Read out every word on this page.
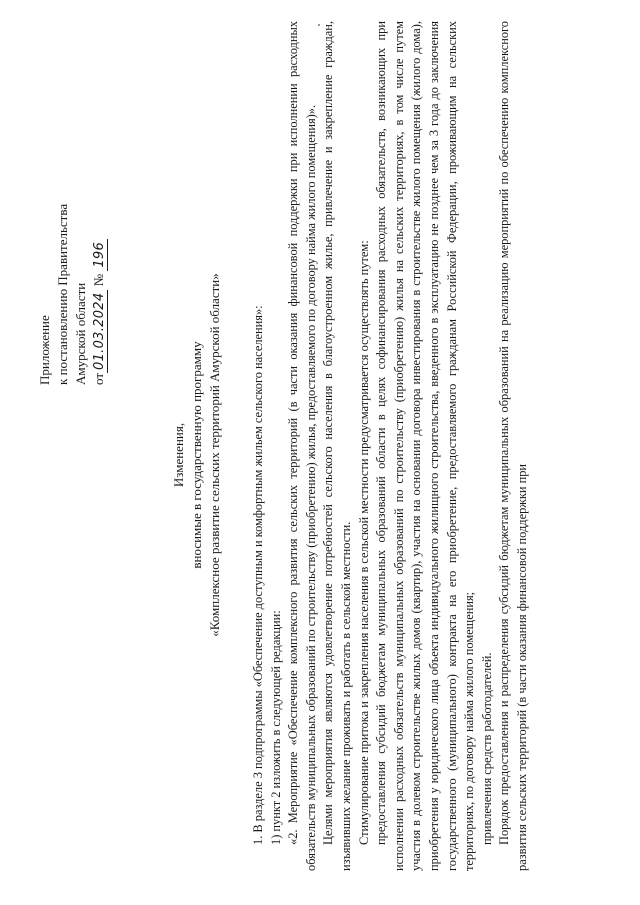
Приложение к постановлению Правительства Амурской области от01.03.2024 № 196
Изменения, вносимые в государственную программу «Комплексное развитие сельских территорий Амурской области» 1. В разделе 3 подпрограммы «Обеспечение доступным и комфортным жильем сельского населения»: 1) пункт 2 изложить в следующей редакции: «2. Мероприятие «Обеспечение комплексного развития сельских территорий (в части оказания финансовой поддержки при исполнении расходных обязательств муниципальных образований по строительству (приобретению) жилья, предоставляемого по договору найма жилого помещения)». Целями мероприятия являются удовлетворение потребностей сельского населения в благоустроенном жилье, привлечение и закрепление граждан, изъявивших желание проживать и работать в сельской местности. Стимулирование притока и закрепления населения в сельской местности предусматривается осуществлять путем: предоставления субсидий бюджетам муниципальных образований области в целях софинансирования расходных обязательств, возникающих при исполнении расходных обязательств муниципальных образований по строительству (приобретению) жилья на сельских территориях, в том числе путем участия в долевом строительстве жилых домов (квартир), участия на основании договора инвестирования в строительстве жилого помещения (жилого дома), приобретения у юридического лица объекта индивидуального жилищного строительства, введенного в эксплуатацию не позднее чем за 3 года до заключения государственного (муниципального) контракта на его приобретение, предоставляемого гражданам Российской Федерации, проживающим на сельских территориях, по договору найма жилого помещения; привлечения средств работодателей. Порядок предоставления и распределения субсидий бюджетам муниципальных образований на реализацию мероприятий по обеспечению комплексного развития сельских территорий (в части оказания финансовой поддержки при
